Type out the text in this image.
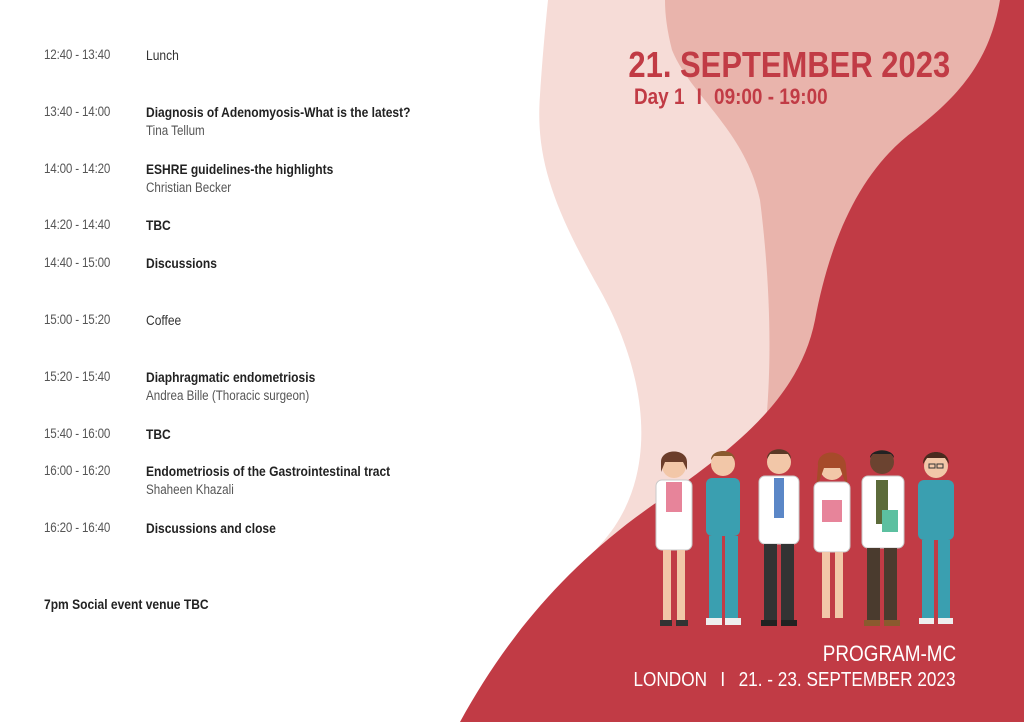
12:40 - 13:40	Lunch
13:40 - 14:00	Diagnosis of Adenomyosis-What is the latest?
Tina Tellum
14:00 - 14:20	ESHRE guidelines-the highlights
Christian Becker
14:20 - 14:40	TBC
14:40 - 15:00	Discussions
15:00 - 15:20	Coffee
15:20 - 15:40	Diaphragmatic endometriosis
Andrea Bille (Thoracic surgeon)
15:40 - 16:00	TBC
16:00 - 16:20	Endometriosis of the Gastrointestinal tract
Shaheen Khazali
16:20 - 16:40	Discussions and close
7pm Social event venue TBC
21. SEPTEMBER 2023
Day 1 I 09:00 - 19:00
PROGRAM-MC
LONDON I 21. - 23. SEPTEMBER 2023
